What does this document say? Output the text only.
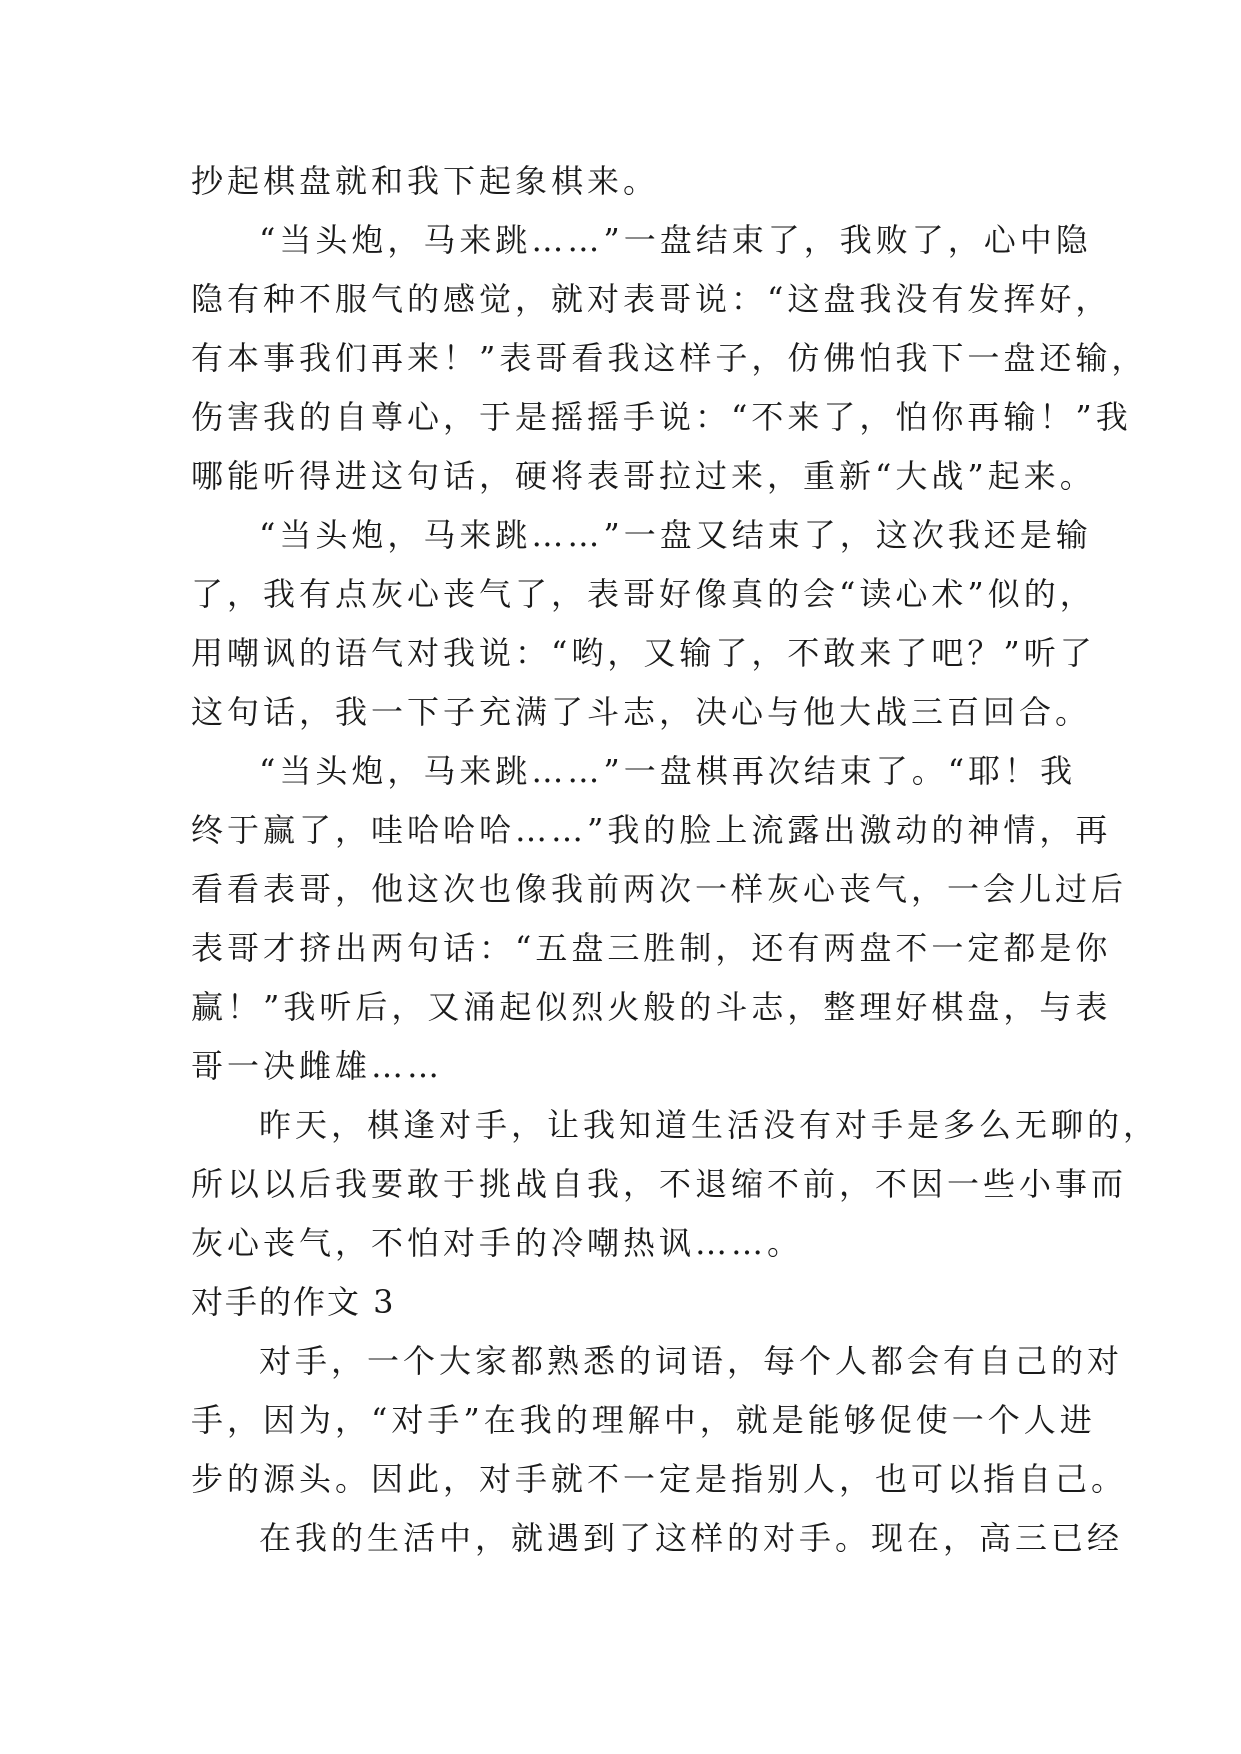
抄起棋盘就和我下起象棋来。
“当头炮，马来跳……”一盘结束了，我败了，心中隐
隐有种不服气的感觉，就对表哥说：“这盘我没有发挥好，
有本事我们再来！”表哥看我这样子，仿佛怕我下一盘还输，
伤害我的自尊心，于是摇摇手说：“不来了，怕你再输！”我
哪能听得进这句话，硬将表哥拉过来，重新“大战”起来。
“当头炮，马来跳……”一盘又结束了，这次我还是输
了，我有点灰心丧气了，表哥好像真的会“读心术”似的，
用嘲讽的语气对我说：“哟，又输了，不敢来了吧？”听了
这句话，我一下子充满了斗志，决心与他大战三百回合。
“当头炮，马来跳……”一盘棋再次结束了。“耶！我
终于赢了，哇哈哈哈……”我的脸上流露出激动的神情，再
看看表哥，他这次也像我前两次一样灰心丧气，一会儿过后
表哥才挤出两句话：“五盘三胜制，还有两盘不一定都是你
赢！”我听后，又涌起似烈火般的斗志，整理好棋盘，与表
哥一决雌雄……
昨天，棋逢对手，让我知道生活没有对手是多么无聊的，
所以以后我要敢于挑战自我，不退缩不前，不因一些小事而
灰心丧气，不怕对手的冷嘲热讽……。
对手的作文 3
对手，一个大家都熟悉的词语，每个人都会有自己的对
手，因为，“对手”在我的理解中，就是能够促使一个人进
步的源头。因此，对手就不一定是指别人，也可以指自己。
在我的生活中，就遇到了这样的对手。现在，高三已经
